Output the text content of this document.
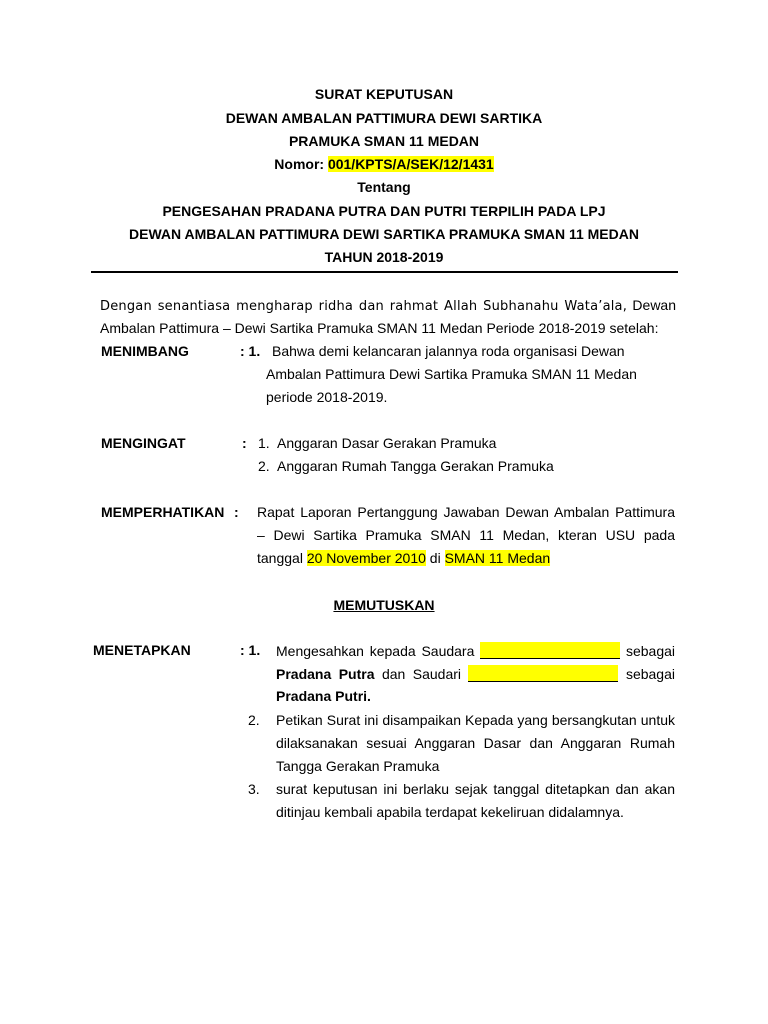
SURAT KEPUTUSAN
DEWAN AMBALAN PATTIMURA DEWI SARTIKA
PRAMUKA SMAN 11 MEDAN
Nomor: 001/KPTS/A/SEK/12/1431
Tentang
PENGESAHAN PRADANA PUTRA DAN PUTRI TERPILIH PADA LPJ
DEWAN AMBALAN PATTIMURA DEWI SARTIKA PRAMUKA SMAN 11 MEDAN
TAHUN 2018-2019
Dengan senantiasa mengharap ridha dan rahmat Allah Subhanahu Wata’ala, Dewan
Ambalan Pattimura – Dewi Sartika Pramuka SMAN 11 Medan Periode 2018-2019 setelah:
MENIMBANG	: 1. Bahwa demi kelancaran jalannya roda organisasi Dewan
Ambalan Pattimura Dewi Sartika Pramuka SMAN 11 Medan
periode 2018-2019.
MENGINGAT	: 1. Anggaran Dasar Gerakan Pramuka
2. Anggaran Rumah Tangga Gerakan Pramuka
MEMPERHATIKAN : Rapat Laporan Pertanggung Jawaban Dewan Ambalan Pattimura
– Dewi Sartika Pramuka SMAN 11 Medan, kteran USU pada
tanggal 20 November 2010 di SMAN 11 Medan
MEMUTUSKAN
MENETAPKAN	: 1. Mengesahkan kepada Saudara	sebagai
Pradana Putra dan Saudari	sebagai
Pradana Putri.
2. Petikan Surat ini disampaikan Kepada yang bersangkutan untuk
dilaksanakan sesuai Anggaran Dasar dan Anggaran Rumah
Tangga Gerakan Pramuka
3. surat keputusan ini berlaku sejak tanggal ditetapkan dan akan
ditinjau kembali apabila terdapat kekeliruan didalamnya.
